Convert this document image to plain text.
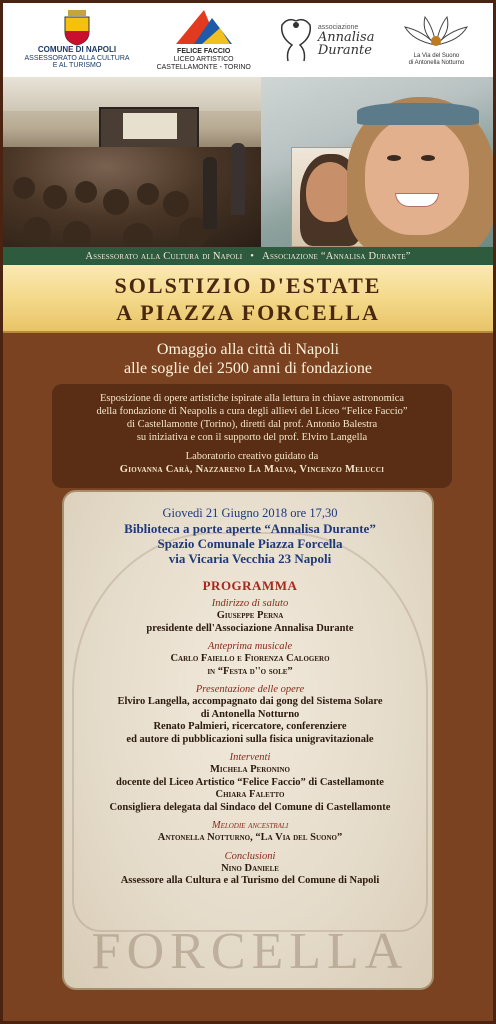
COMUNE DI NAPOLI
ASSESSORATO ALLA CULTURA
E AL TURISMO
FELICE FACCIO
LICEO ARTISTICO
CASTELLAMONTE - TORINO
associazione
Annalisa
Durante	La Via del Suono
di Antonella Notturno
Assessorato alla Cultura di Napoli • Associazione “Annalisa Durante”
SOLSTIZIO D'ESTATE
A PIAZZA FORCELLA
Omaggio alla città di Napoli
alle soglie dei 2500 anni di fondazione
Esposizione di opere artistiche ispirate alla lettura in chiave astronomica
della fondazione di Neapolis a cura degli allievi del Liceo “Felice Faccio”
di Castellamonte (Torino), diretti dal prof. Antonio Balestra
su iniziativa e con il supporto del prof. Elviro Langella
Laboratorio creativo guidato da
Giovanna Carà, Nazzareno La Malva, Vincenzo Melucci
FORCELLA
Giovedì 21 Giugno 2018 ore 17,30
Biblioteca a porte aperte “Annalisa Durante”
Spazio Comunale Piazza Forcella
via Vicaria Vecchia 23 Napoli
PROGRAMMA
Indirizzo di saluto
Giuseppe Perna
presidente dell'Associazione Annalisa Durante
Anteprima musicale
Carlo Faiello e Fiorenza Calogero
in “Festa d''o sole”
Presentazione delle opere
Elviro Langella, accompagnato dai gong del Sistema Solare
di Antonella Notturno
Renato Palmieri, ricercatore, conferenziere
ed autore di pubblicazioni sulla fisica unigravitazionale
Interventi
Michela Peronino
docente del Liceo Artistico “Felice Faccio” di Castellamonte
Chiara Faletto
Consigliera delegata dal Sindaco del Comune di Castellamonte
Melodie ancestrali
Antonella Notturno, “La Via del Suono”
Conclusioni
Nino Daniele
Assessore alla Cultura e al Turismo del Comune di Napoli
